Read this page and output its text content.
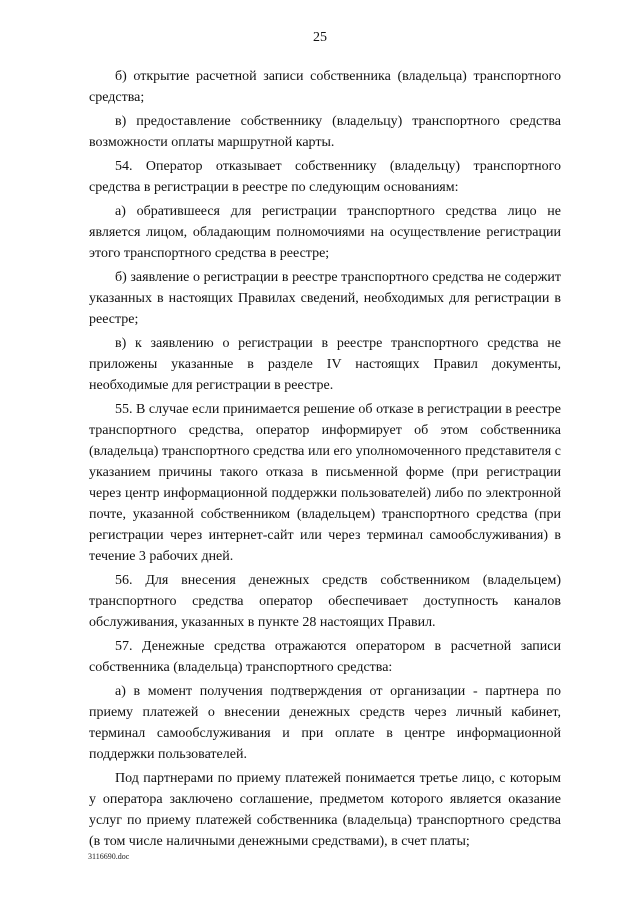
25

б) открытие расчетной записи собственника (владельца) транспортного средства;

в) предоставление собственнику (владельцу) транспортного средства возможности оплаты маршрутной карты.

54. Оператор отказывает собственнику (владельцу) транспортного средства в регистрации в реестре по следующим основаниям:

а) обратившееся для регистрации транспортного средства лицо не является лицом, обладающим полномочиями на осуществление регистрации этого транспортного средства в реестре;

б) заявление о регистрации в реестре транспортного средства не содержит указанных в настоящих Правилах сведений, необходимых для регистрации в реестре;

в) к заявлению о регистрации в реестре транспортного средства не приложены указанные в разделе IV настоящих Правил документы, необходимые для регистрации в реестре.

55. В случае если принимается решение об отказе в регистрации в реестре транспортного средства, оператор информирует об этом собственника (владельца) транспортного средства или его уполномоченного представителя с указанием причины такого отказа в письменной форме (при регистрации через центр информационной поддержки пользователей) либо по электронной почте, указанной собственником (владельцем) транспортного средства (при регистрации через интернет-сайт или через терминал самообслуживания) в течение 3 рабочих дней.

56. Для внесения денежных средств собственником (владельцем) транспортного средства оператор обеспечивает доступность каналов обслуживания, указанных в пункте 28 настоящих Правил.

57. Денежные средства отражаются оператором в расчетной записи собственника (владельца) транспортного средства:

а) в момент получения подтверждения от организации - партнера по приему платежей о внесении денежных средств через личный кабинет, терминал самообслуживания и при оплате в центре информационной поддержки пользователей.

Под партнерами по приему платежей понимается третье лицо, с которым у оператора заключено соглашение, предметом которого является оказание услуг по приему платежей собственника (владельца) транспортного средства (в том числе наличными денежными средствами), в счет платы;

3116690.doc
